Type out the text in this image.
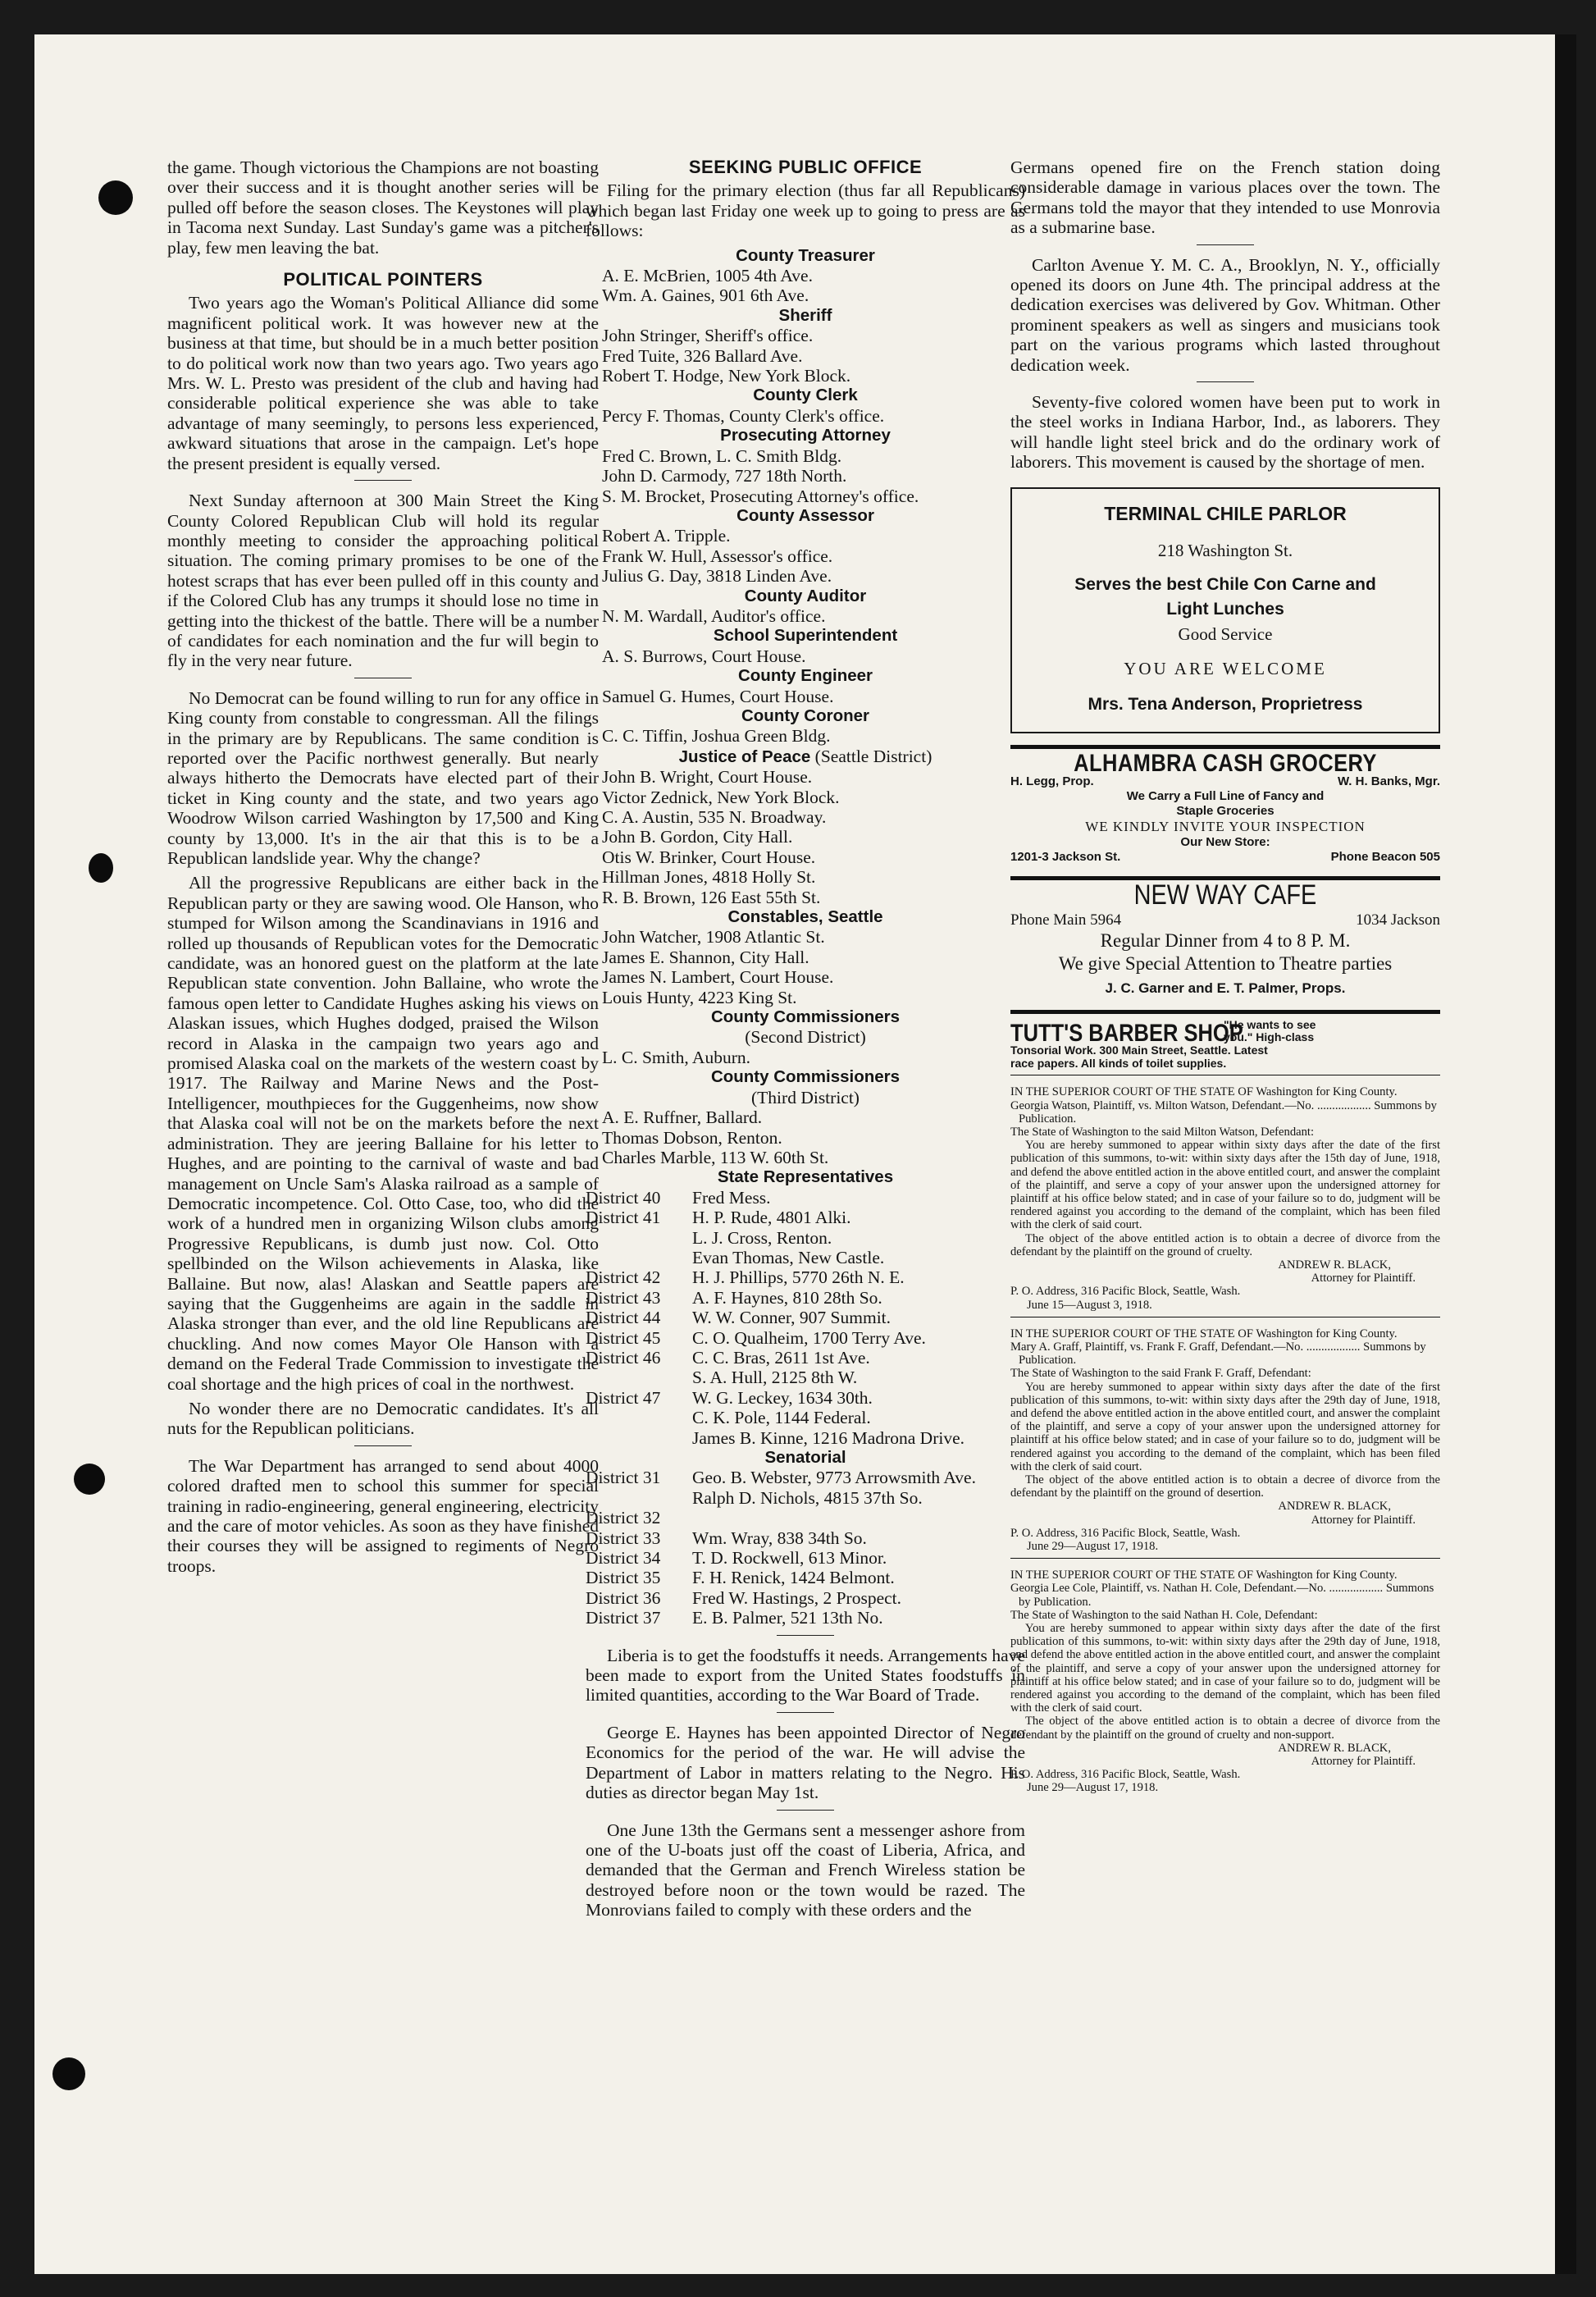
the game. Though victorious the Champions are not boasting over their success and it is thought another series will be pulled off before the season closes. The Keystones will play in Tacoma next Sunday. Last Sunday's game was a pitcher's play, few men leaving the bat.

POLITICAL POINTERS

Two years ago the Woman's Political Alliance did some magnificent political work. It was however new at the business at that time, but should be in a much better position to do political work now than two years ago. Two years ago Mrs. W. L. Presto was president of the club and having had considerable political experience she was able to take advantage of many seemingly, to persons less experienced, awkward situations that arose in the campaign. Let's hope the present president is equally versed.

Next Sunday afternoon at 300 Main Street the King County Colored Republican Club will hold its regular monthly meeting to consider the approaching political situation. The coming primary promises to be one of the hotest scraps that has ever been pulled off in this county and if the Colored Club has any trumps it should lose no time in getting into the thickest of the battle. There will be a number of candidates for each nomination and the fur will begin to fly in the very near future.

No Democrat can be found willing to run for any office in King county from constable to congressman. All the filings in the primary are by Republicans. The same condition is reported over the Pacific northwest generally. But nearly always hitherto the Democrats have elected part of their ticket in King county and the state, and two years ago Woodrow Wilson carried Washington by 17,500 and King county by 13,000. It's in the air that this is to be a Republican landslide year. Why the change?

All the progressive Republicans are either back in the Republican party or they are sawing wood. Ole Hanson, who stumped for Wilson among the Scandinavians in 1916 and rolled up thousands of Republican votes for the Democratic candidate, was an honored guest on the platform at the late Republican state convention. John Ballaine, who wrote the famous open letter to Candidate Hughes asking his views on Alaskan issues, which Hughes dodged, praised the Wilson record in Alaska in the campaign two years ago and promised Alaska coal on the markets of the western coast by 1917. The Railway and Marine News and the Post-Intelligencer, mouthpieces for the Guggenheims, now show that Alaska coal will not be on the markets before the next administration. They are jeering Ballaine for his letter to Hughes, and are pointing to the carnival of waste and bad management on Uncle Sam's Alaska railroad as a sample of Democratic incompetence. Col. Otto Case, too, who did the work of a hundred men in organizing Wilson clubs among Progressive Republicans, is dumb just now. Col. Otto spellbinded on the Wilson achievements in Alaska, like Ballaine. But now, alas! Alaskan and Seattle papers are saying that the Guggenheims are again in the saddle in Alaska stronger than ever, and the old line Republicans are chuckling. And now comes Mayor Ole Hanson with a demand on the Federal Trade Commission to investigate the coal shortage and the high prices of coal in the northwest.

No wonder there are no Democratic candidates. It's all nuts for the Republican politicians.

The War Department has arranged to send about 4000 colored drafted men to school this summer for special training in radio-engineering, general engineering, electricity and the care of motor vehicles. As soon as they have finished their courses they will be assigned to regiments of Negro troops.

SEEKING PUBLIC OFFICE

Filing for the primary election (thus far all Republicans) which began last Friday one week up to going to press are as follows:

County Treasurer
A. E. McBrien, 1005 4th Ave.
Wm. A. Gaines, 901 6th Ave.
Sheriff
John Stringer, Sheriff's office.
Fred Tuite, 326 Ballard Ave.
Robert T. Hodge, New York Block.
County Clerk
Percy F. Thomas, County Clerk's office.
Prosecuting Attorney
Fred C. Brown, L. C. Smith Bldg.
John D. Carmody, 727 18th North.
S. M. Brocket, Prosecuting Attorney's office.
County Assessor
Robert A. Tripple.
Frank W. Hull, Assessor's office.
Julius G. Day, 3818 Linden Ave.
County Auditor
N. M. Wardall, Auditor's office.
School Superintendent
A. S. Burrows, Court House.
County Engineer
Samuel G. Humes, Court House.
County Coroner
C. C. Tiffin, Joshua Green Bldg.
Justice of Peace (Seattle District)
John B. Wright, Court House.
Victor Zednick, New York Block.
C. A. Austin, 535 N. Broadway.
John B. Gordon, City Hall.
Otis W. Brinker, Court House.
Hillman Jones, 4818 Holly St.
R. B. Brown, 126 East 55th St.
Constables, Seattle
John Watcher, 1908 Atlantic St.
James E. Shannon, City Hall.
James N. Lambert, Court House.
Louis Hunty, 4223 King St.
County Commissioners
(Second District)
L. C. Smith, Auburn.
County Commissioners
(Third District)
A. E. Ruffner, Ballard.
Thomas Dobson, Renton.
Charles Marble, 113 W. 60th St.
State Representatives
District 40	Fred Mess.
District 41	H. P. Rude, 4801 Alki.
L. J. Cross, Renton.
Evan Thomas, New Castle.
District 42	H. J. Phillips, 5770 26th N. E.
District 43	A. F. Haynes, 810 28th So.
District 44	W. W. Conner, 907 Summit.
District 45	C. O. Qualheim, 1700 Terry Ave.
District 46	C. C. Bras, 2611 1st Ave.
S. A. Hull, 2125 8th W.
District 47	W. G. Leckey, 1634 30th.
C. K. Pole, 1144 Federal.
James B. Kinne, 1216 Madrona Drive.
Senatorial
District 31	Geo. B. Webster, 9773 Arrowsmith Ave.
Ralph D. Nichols, 4815 37th So.
District 32
District 33	Wm. Wray, 838 34th So.
District 34	T. D. Rockwell, 613 Minor.
District 35	F. H. Renick, 1424 Belmont.
District 36	Fred W. Hastings, 2 Prospect.
District 37	E. B. Palmer, 521 13th No.

Liberia is to get the foodstuffs it needs. Arrangements have been made to export from the United States foodstuffs in limited quantities, according to the War Board of Trade.

George E. Haynes has been appointed Director of Negro Economics for the period of the war. He will advise the Department of Labor in matters relating to the Negro. His duties as director began May 1st.

One June 13th the Germans sent a messenger ashore from one of the U-boats just off the coast of Liberia, Africa, and demanded that the German and French Wireless station be destroyed before noon or the town would be razed. The Monrovians failed to comply with these orders and the

Germans opened fire on the French station doing considerable damage in various places over the town. The Germans told the mayor that they intended to use Monrovia as a submarine base.

Carlton Avenue Y. M. C. A., Brooklyn, N. Y., officially opened its doors on June 4th. The principal address at the dedication exercises was delivered by Gov. Whitman. Other prominent speakers as well as singers and musicians took part on the various programs which lasted throughout dedication week.

Seventy-five colored women have been put to work in the steel works in Indiana Harbor, Ind., as laborers. They will handle light steel brick and do the ordinary work of laborers. This movement is caused by the shortage of men.

TERMINAL CHILE PARLOR
218 Washington St.
Serves the best Chile Con Carne and
Light Lunches
Good Service
YOU ARE WELCOME
Mrs. Tena Anderson, Proprietress
ALHAMBRA CASH GROCERY
H. Legg, Prop.	W. H. Banks, Mgr.
We Carry a Full Line of Fancy and
Staple Groceries
WE KINDLY INVITE YOUR INSPECTION
Our New Store:
1201-3 Jackson St.	Phone Beacon 505
NEW WAY CAFE
Phone Main 5964	1034 Jackson
Regular Dinner from 4 to 8 P. M.
We give Special Attention to Theatre parties
J. C. Garner and E. T. Palmer, Props.
TUTT'S BARBER SHOP
"He wants to see
you." High-class
Tonsorial Work. 300 Main Street, Seattle. Latest
race papers. All kinds of toilet supplies.
IN THE SUPERIOR COURT OF THE STATE OF Washington for King County.
Georgia Watson, Plaintiff, vs. Milton Watson, Defendant.—No. .................. Summons by Publication.
The State of Washington to the said Milton Watson, Defendant:
You are hereby summoned to appear within sixty days after the date of the first publication of this summons, to-wit: within sixty days after the 15th day of June, 1918, and defend the above entitled action in the above entitled court, and answer the complaint of the plaintiff, and serve a copy of your answer upon the undersigned attorney for plaintiff at his office below stated; and in case of your failure so to do, judgment will be rendered against you according to the demand of the complaint, which has been filed with the clerk of said court.
The object of the above entitled action is to obtain a decree of divorce from the defendant by the plaintiff on the ground of cruelty.
ANDREW R. BLACK,
Attorney for Plaintiff.
P. O. Address, 316 Pacific Block, Seattle, Wash.
June 15—August 3, 1918.
IN THE SUPERIOR COURT OF THE STATE OF Washington for King County.
Mary A. Graff, Plaintiff, vs. Frank F. Graff, Defendant.—No. .................. Summons by Publication.
The State of Washington to the said Frank F. Graff, Defendant:
You are hereby summoned to appear within sixty days after the date of the first publication of this summons, to-wit: within sixty days after the 29th day of June, 1918, and defend the above entitled action in the above entitled court, and answer the complaint of the plaintiff, and serve a copy of your answer upon the undersigned attorney for plaintiff at his office below stated; and in case of your failure so to do, judgment will be rendered against you according to the demand of the complaint, which has been filed with the clerk of said court.
The object of the above entitled action is to obtain a decree of divorce from the defendant by the plaintiff on the ground of desertion.
ANDREW R. BLACK,
Attorney for Plaintiff.
P. O. Address, 316 Pacific Block, Seattle, Wash.
June 29—August 17, 1918.
IN THE SUPERIOR COURT OF THE STATE OF Washington for King County.
Georgia Lee Cole, Plaintiff, vs. Nathan H. Cole, Defendant.—No. .................. Summons by Publication.
The State of Washington to the said Nathan H. Cole, Defendant:
You are hereby summoned to appear within sixty days after the date of the first publication of this summons, to-wit: within sixty days after the 29th day of June, 1918, and defend the above entitled action in the above entitled court, and answer the complaint of the plaintiff, and serve a copy of your answer upon the undersigned attorney for plaintiff at his office below stated; and in case of your failure so to do, judgment will be rendered against you according to the demand of the complaint, which has been filed with the clerk of said court.
The object of the above entitled action is to obtain a decree of divorce from the defendant by the plaintiff on the ground of cruelty and non-support.
ANDREW R. BLACK,
Attorney for Plaintiff.
P. O. Address, 316 Pacific Block, Seattle, Wash.
June 29—August 17, 1918.
